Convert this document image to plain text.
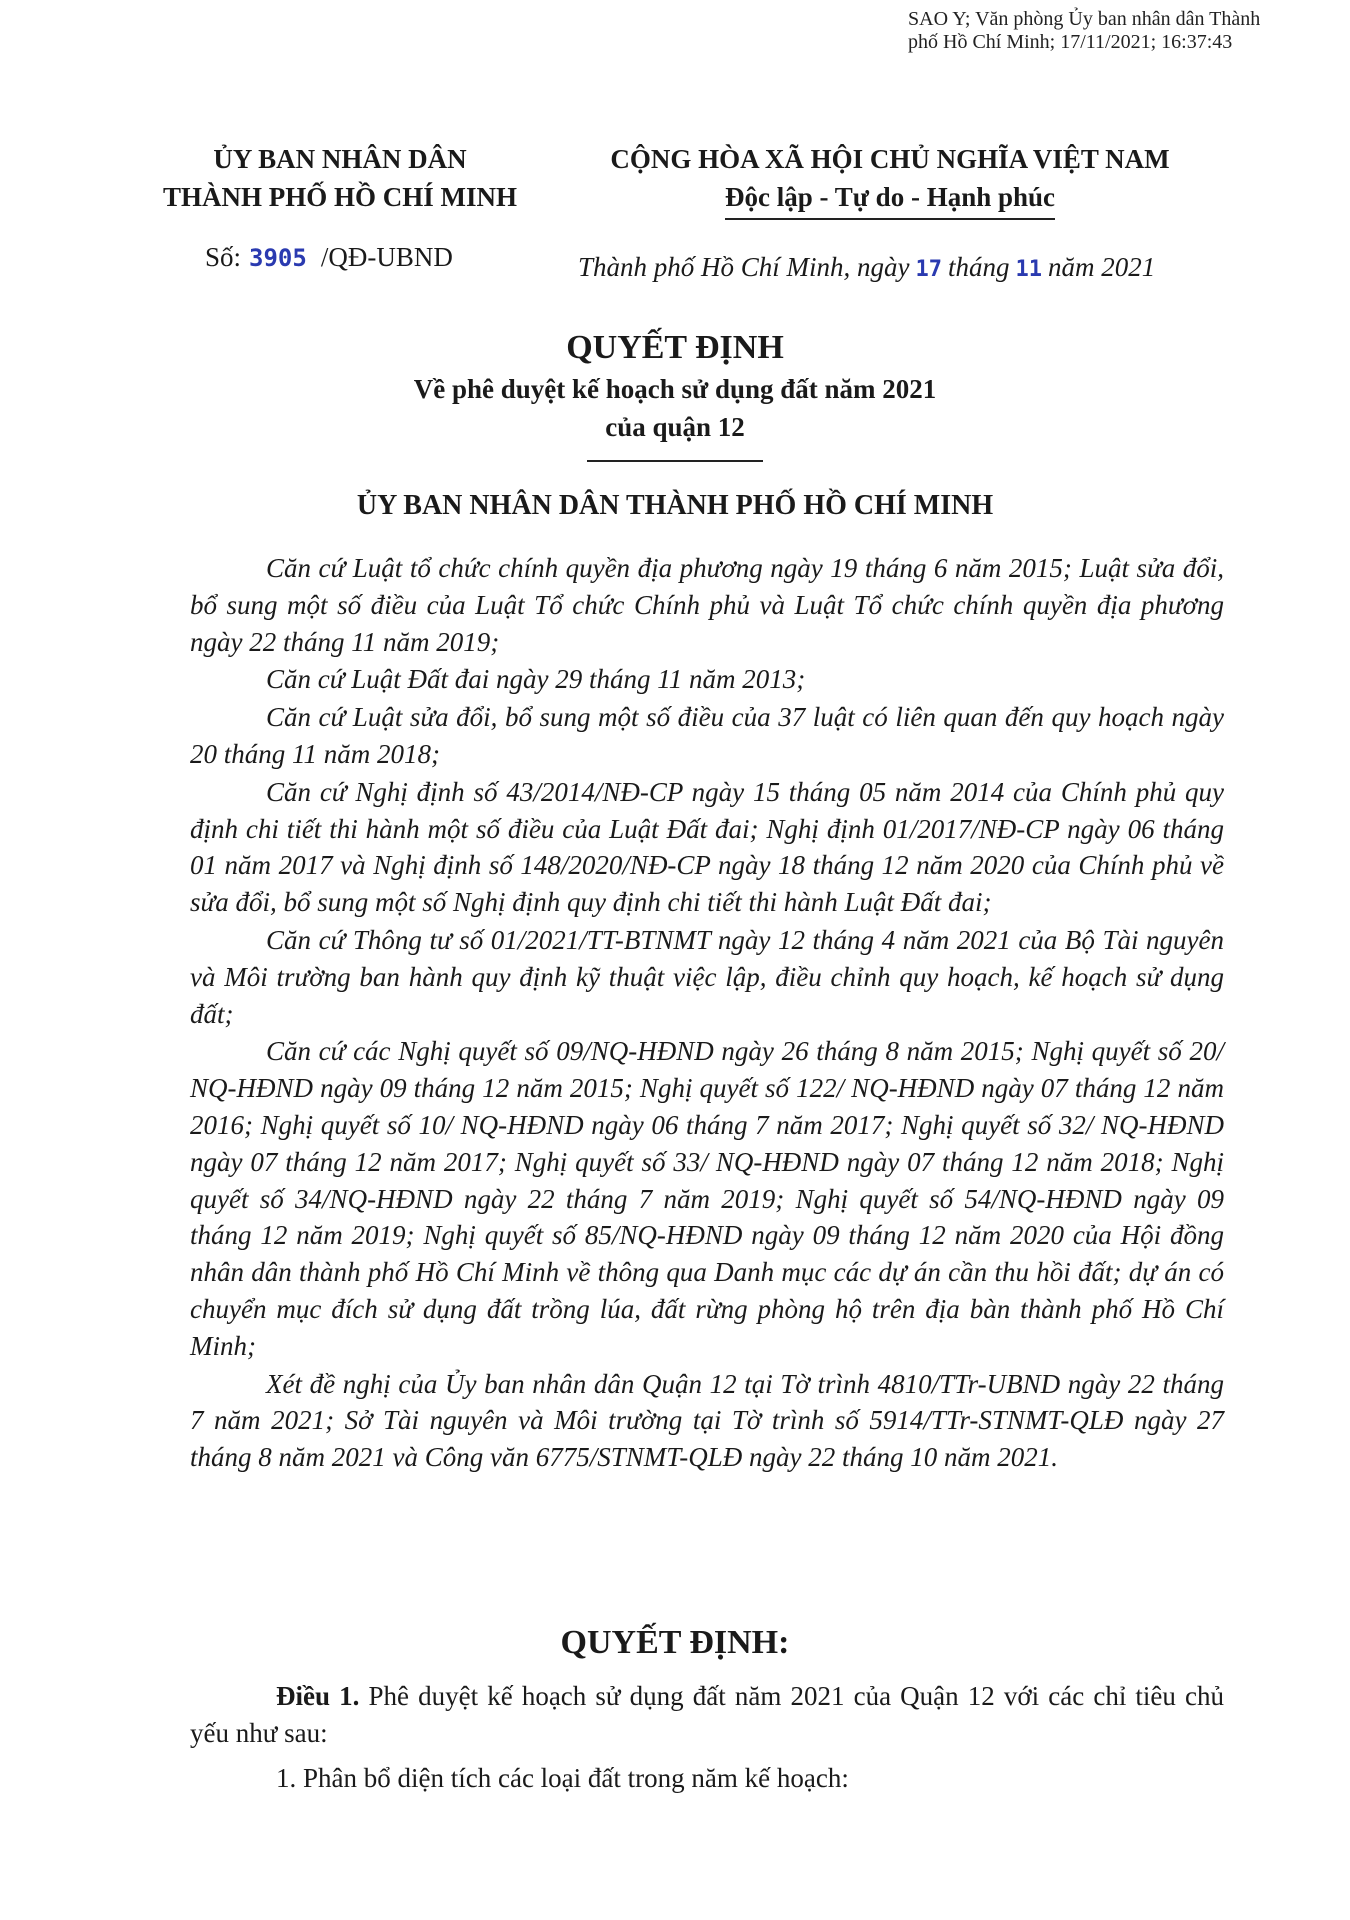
SAO Y; Văn phòng Ủy ban nhân dân Thành
phố Hồ Chí Minh; 17/11/2021; 16:37:43
ỦY BAN NHÂN DÂN
THÀNH PHỐ HỒ CHÍ MINH
CỘNG HÒA XÃ HỘI CHỦ NGHĨA VIỆT NAM
Độc lập - Tự do - Hạnh phúc
Số: 3905 /QĐ-UBND	Thành phố Hồ Chí Minh, ngày 17 tháng 11 năm 2021
QUYẾT ĐỊNH
Về phê duyệt kế hoạch sử dụng đất năm 2021
của quận 12
ỦY BAN NHÂN DÂN THÀNH PHỐ HỒ CHÍ MINH

Căn cứ Luật tổ chức chính quyền địa phương ngày 19 tháng 6 năm 2015; Luật sửa đổi, bổ sung một số điều của Luật Tổ chức Chính phủ và Luật Tổ chức chính quyền địa phương ngày 22 tháng 11 năm 2019;

Căn cứ Luật Đất đai ngày 29 tháng 11 năm 2013;

Căn cứ Luật sửa đổi, bổ sung một số điều của 37 luật có liên quan đến quy hoạch ngày 20 tháng 11 năm 2018;

Căn cứ Nghị định số 43/2014/NĐ-CP ngày 15 tháng 05 năm 2014 của Chính phủ quy định chi tiết thi hành một số điều của Luật Đất đai; Nghị định 01/2017/NĐ-CP ngày 06 tháng 01 năm 2017 và Nghị định số 148/2020/NĐ-CP ngày 18 tháng 12 năm 2020 của Chính phủ về sửa đổi, bổ sung một số Nghị định quy định chi tiết thi hành Luật Đất đai;

Căn cứ Thông tư số 01/2021/TT-BTNMT ngày 12 tháng 4 năm 2021 của Bộ Tài nguyên và Môi trường ban hành quy định kỹ thuật việc lập, điều chỉnh quy hoạch, kế hoạch sử dụng đất;

Căn cứ các Nghị quyết số 09/NQ-HĐND ngày 26 tháng 8 năm 2015; Nghị quyết số 20/ NQ-HĐND ngày 09 tháng 12 năm 2015; Nghị quyết số 122/ NQ-HĐND ngày 07 tháng 12 năm 2016; Nghị quyết số 10/ NQ-HĐND ngày 06 tháng 7 năm 2017; Nghị quyết số 32/ NQ-HĐND ngày 07 tháng 12 năm 2017; Nghị quyết số 33/ NQ-HĐND ngày 07 tháng 12 năm 2018; Nghị quyết số 34/NQ-HĐND ngày 22 tháng 7 năm 2019; Nghị quyết số 54/NQ-HĐND ngày 09 tháng 12 năm 2019; Nghị quyết số 85/NQ-HĐND ngày 09 tháng 12 năm 2020 của Hội đồng nhân dân thành phố Hồ Chí Minh về thông qua Danh mục các dự án cần thu hồi đất; dự án có chuyển mục đích sử dụng đất trồng lúa, đất rừng phòng hộ trên địa bàn thành phố Hồ Chí Minh;

Xét đề nghị của Ủy ban nhân dân Quận 12 tại Tờ trình 4810/TTr-UBND ngày 22 tháng 7 năm 2021; Sở Tài nguyên và Môi trường tại Tờ trình số 5914/TTr-STNMT-QLĐ ngày 27 tháng 8 năm 2021 và Công văn 6775/STNMT-QLĐ ngày 22 tháng 10 năm 2021.

QUYẾT ĐỊNH:

Điều 1. Phê duyệt kế hoạch sử dụng đất năm 2021 của Quận 12 với các chỉ tiêu chủ yếu như sau:

1. Phân bổ diện tích các loại đất trong năm kế hoạch:
